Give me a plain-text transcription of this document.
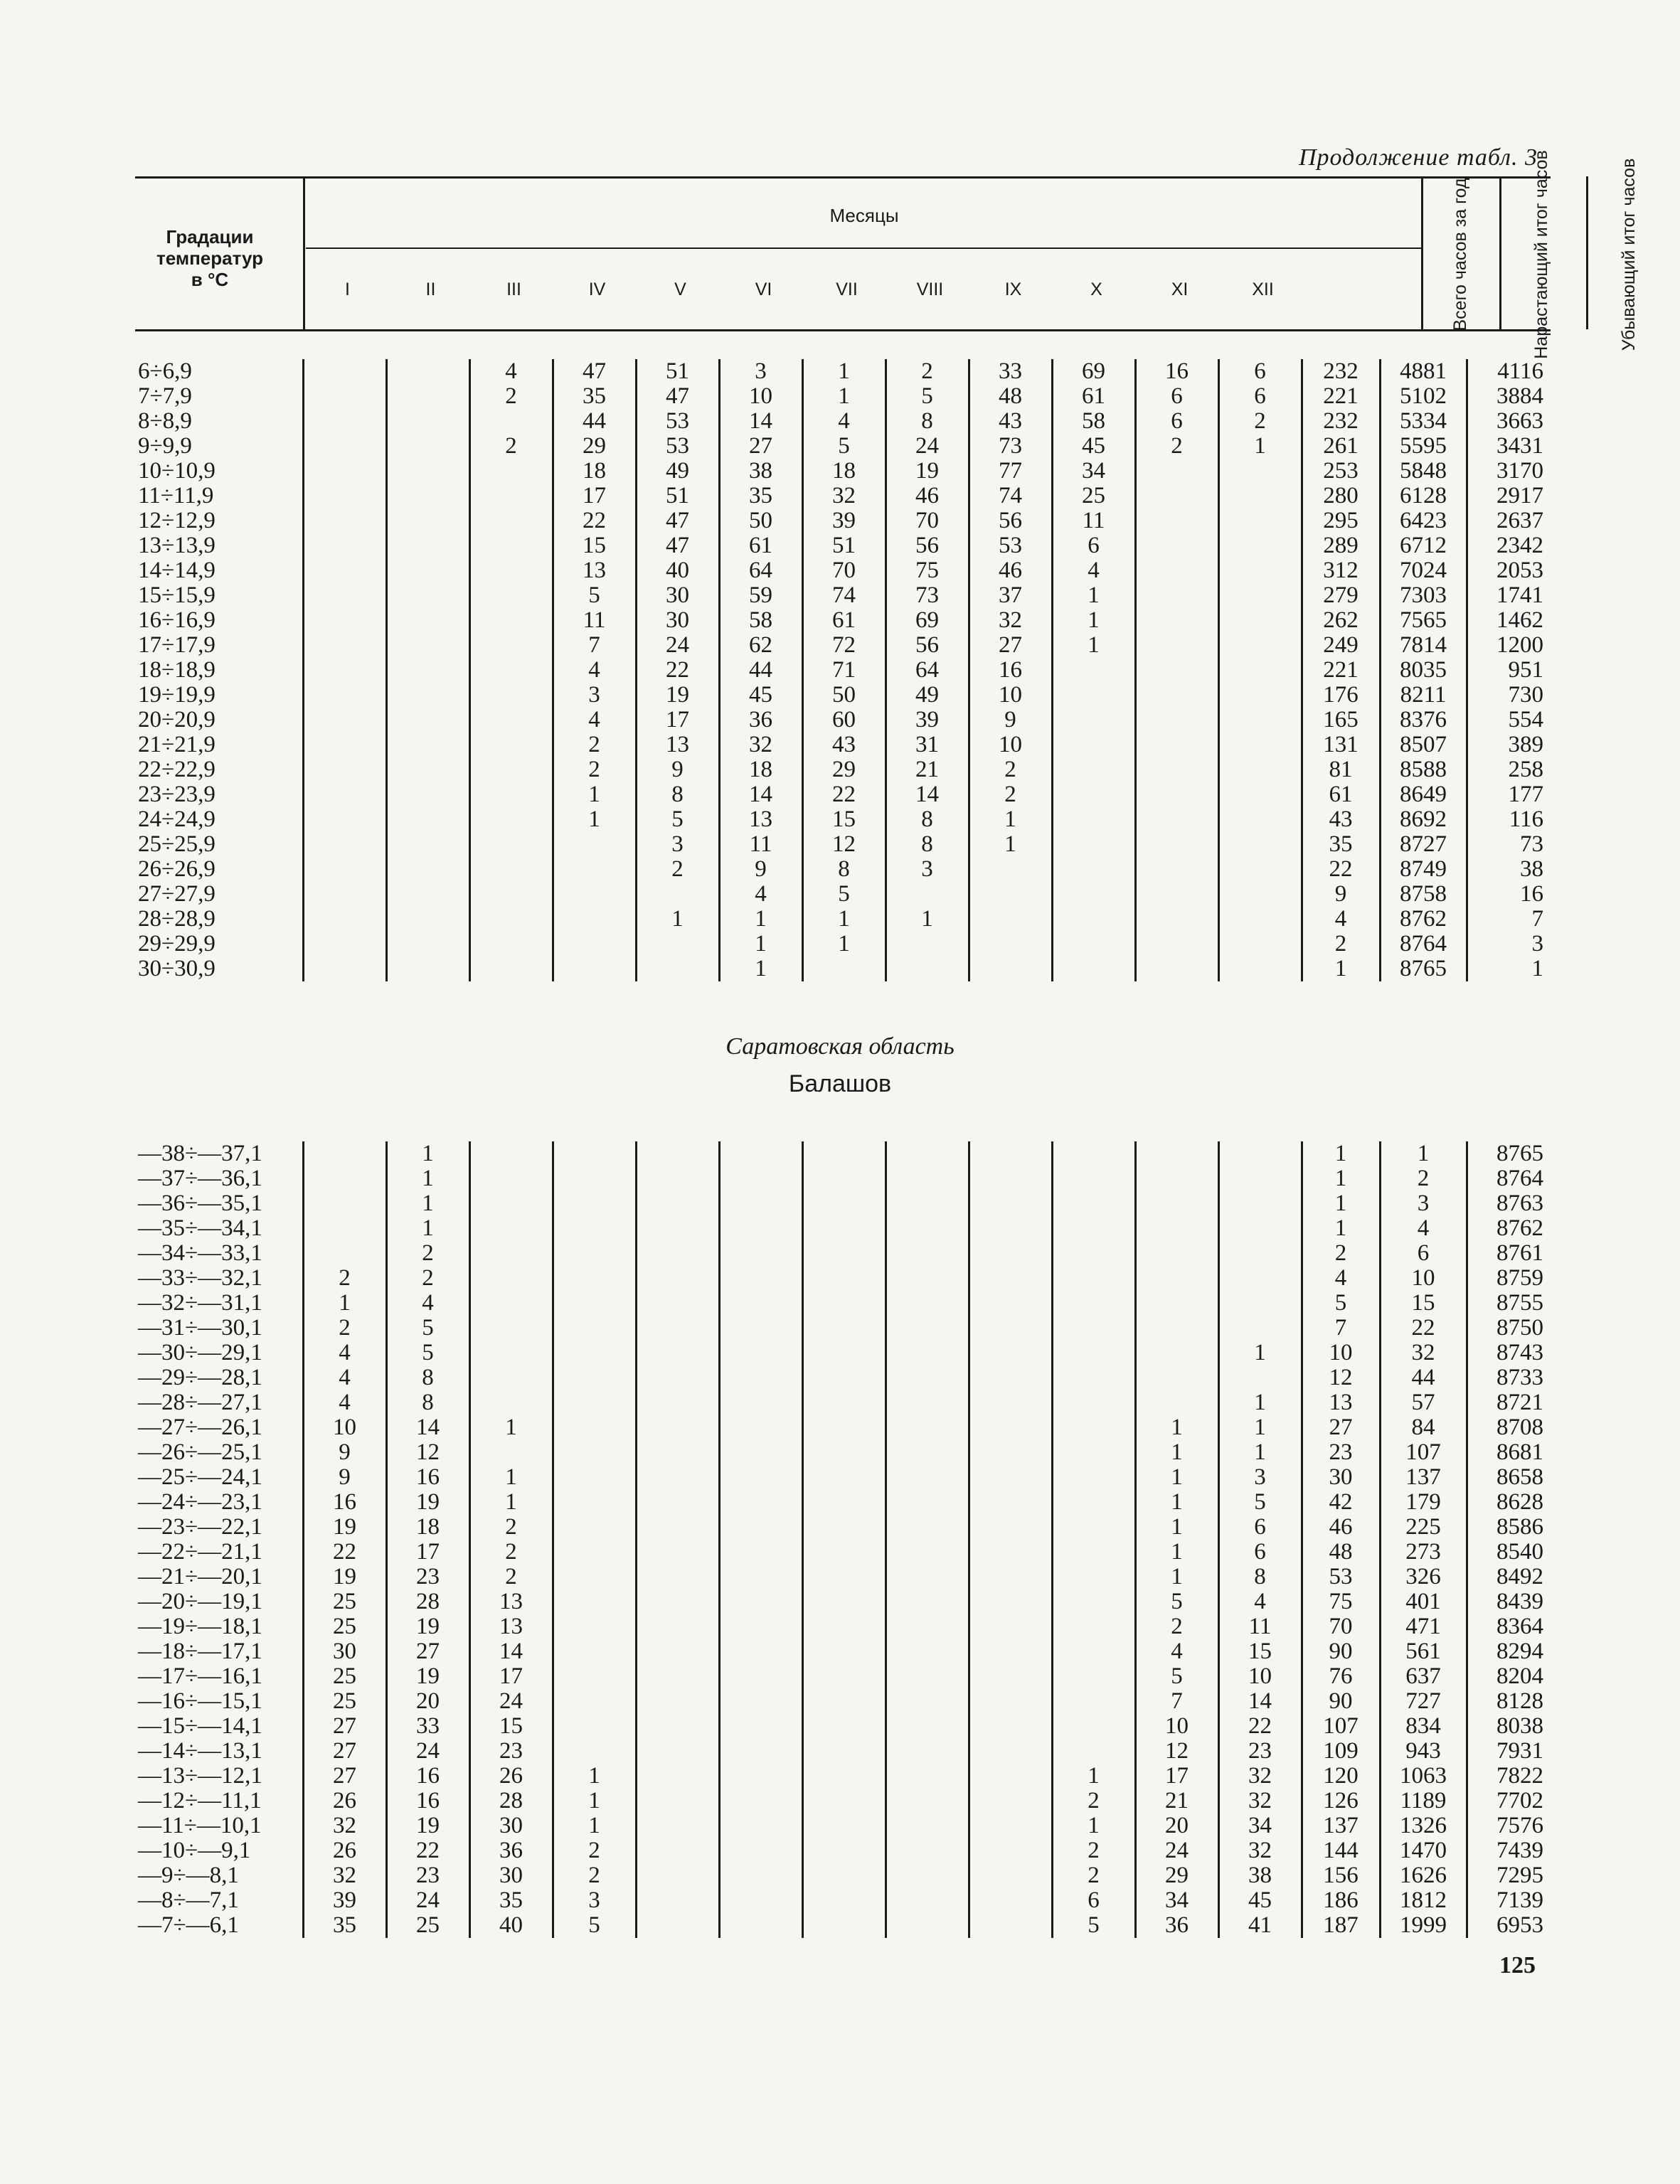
Продолжение табл. 3
Градации температур в °С
Месяцы
I	II	III	IV	V	VI	VII	VIII	IX	X	XI	XII	Всего часов за год	Нарастающий итог часов	Убывающий итог часов
6÷6,9			4	47	51	3	1	2	33	69	16	6	232	4881	4116
7÷7,9			2	35	47	10	1	5	48	61	6	6	221	5102	3884
8÷8,9				44	53	14	4	8	43	58	6	2	232	5334	3663
9÷9,9			2	29	53	27	5	24	73	45	2	1	261	5595	3431
10÷10,9				18	49	38	18	19	77	34			253	5848	3170
11÷11,9				17	51	35	32	46	74	25			280	6128	2917
12÷12,9				22	47	50	39	70	56	11			295	6423	2637
13÷13,9				15	47	61	51	56	53	6			289	6712	2342
14÷14,9				13	40	64	70	75	46	4			312	7024	2053
15÷15,9				5	30	59	74	73	37	1			279	7303	1741
16÷16,9				11	30	58	61	69	32	1			262	7565	1462
17÷17,9				7	24	62	72	56	27	1			249	7814	1200
18÷18,9				4	22	44	71	64	16				221	8035	951
19÷19,9				3	19	45	50	49	10				176	8211	730
20÷20,9				4	17	36	60	39	9				165	8376	554
21÷21,9				2	13	32	43	31	10				131	8507	389
22÷22,9				2	9	18	29	21	2				81	8588	258
23÷23,9				1	8	14	22	14	2				61	8649	177
24÷24,9				1	5	13	15	8	1				43	8692	116
25÷25,9					3	11	12	8	1				35	8727	73
26÷26,9					2	9	8	3					22	8749	38
27÷27,9						4	5						9	8758	16
28÷28,9					1	1	1	1					4	8762	7
29÷29,9						1	1						2	8764	3
30÷30,9						1							1	8765	1
Саратовская область
Балашов
—38÷—37,1		1											1	1	8765
—37÷—36,1		1											1	2	8764
—36÷—35,1		1											1	3	8763
—35÷—34,1		1											1	4	8762
—34÷—33,1		2											2	6	8761
—33÷—32,1	2	2											4	10	8759
—32÷—31,1	1	4											5	15	8755
—31÷—30,1	2	5											7	22	8750
—30÷—29,1	4	5										1	10	32	8743
—29÷—28,1	4	8											12	44	8733
—28÷—27,1	4	8										1	13	57	8721
—27÷—26,1	10	14	1								1	1	27	84	8708
—26÷—25,1	9	12									1	1	23	107	8681
—25÷—24,1	9	16	1								1	3	30	137	8658
—24÷—23,1	16	19	1								1	5	42	179	8628
—23÷—22,1	19	18	2								1	6	46	225	8586
—22÷—21,1	22	17	2								1	6	48	273	8540
—21÷—20,1	19	23	2								1	8	53	326	8492
—20÷—19,1	25	28	13								5	4	75	401	8439
—19÷—18,1	25	19	13								2	11	70	471	8364
—18÷—17,1	30	27	14								4	15	90	561	8294
—17÷—16,1	25	19	17								5	10	76	637	8204
—16÷—15,1	25	20	24								7	14	90	727	8128
—15÷—14,1	27	33	15								10	22	107	834	8038
—14÷—13,1	27	24	23								12	23	109	943	7931
—13÷—12,1	27	16	26	1						1	17	32	120	1063	7822
—12÷—11,1	26	16	28	1						2	21	32	126	1189	7702
—11÷—10,1	32	19	30	1						1	20	34	137	1326	7576
—10÷—9,1	26	22	36	2						2	24	32	144	1470	7439
—9÷—8,1	32	23	30	2						2	29	38	156	1626	7295
—8÷—7,1	39	24	35	3						6	34	45	186	1812	7139
—7÷—6,1	35	25	40	5						5	36	41	187	1999	6953
125
